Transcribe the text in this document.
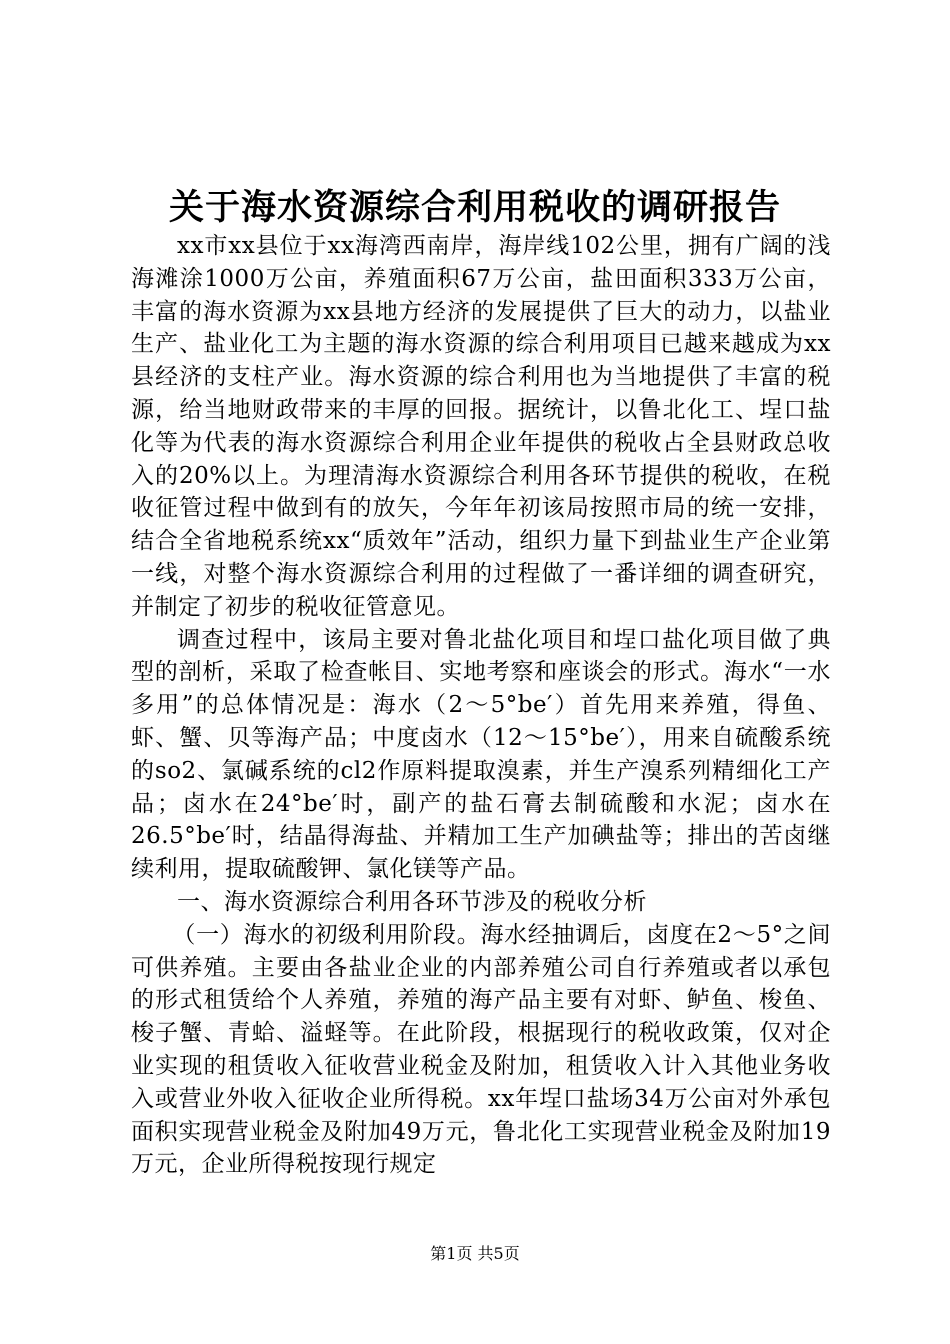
关于海水资源综合利用税收的调研报告

xx市xx县位于xx海湾西南岸，海岸线102公里，拥有广阔的浅海滩涂1000万公亩，养殖面积67万公亩，盐田面积333万公亩，丰富的海水资源为xx县地方经济的发展提供了巨大的动力，以盐业生产、盐业化工为主题的海水资源的综合利用项目已越来越成为xx县经济的支柱产业。海水资源的综合利用也为当地提供了丰富的税源，给当地财政带来的丰厚的回报。据统计，以鲁北化工、埕口盐化等为代表的海水资源综合利用企业年提供的税收占全县财政总收入的20%以上。为理清海水资源综合利用各环节提供的税收，在税收征管过程中做到有的放矢，今年年初该局按照市局的统一安排，结合全省地税系统xx“质效年”活动，组织力量下到盐业生产企业第一线，对整个海水资源综合利用的过程做了一番详细的调查研究，并制定了初步的税收征管意见。

调查过程中，该局主要对鲁北盐化项目和埕口盐化项目做了典型的剖析，采取了检查帐目、实地考察和座谈会的形式。海水“一水多用”的总体情况是：海水（2～5°be′）首先用来养殖，得鱼、虾、蟹、贝等海产品；中度卤水（12～15°be′），用来自硫酸系统的so2、氯碱系统的cl2作原料提取溴素，并生产溴系列精细化工产品；卤水在24°be′时，副产的盐石膏去制硫酸和水泥；卤水在26.5°be′时，结晶得海盐、并精加工生产加碘盐等；排出的苦卤继续利用，提取硫酸钾、氯化镁等产品。

一、海水资源综合利用各环节涉及的税收分析

（一）海水的初级利用阶段。海水经抽调后，卤度在2～5°之间可供养殖。主要由各盐业企业的内部养殖公司自行养殖或者以承包的形式租赁给个人养殖，养殖的海产品主要有对虾、鲈鱼、梭鱼、梭子蟹、青蛤、溢蛏等。在此阶段，根据现行的税收政策，仅对企业实现的租赁收入征收营业税金及附加，租赁收入计入其他业务收入或营业外收入征收企业所得税。xx年埕口盐场34万公亩对外承包面积实现营业税金及附加49万元，鲁北化工实现营业税金及附加19万元，企业所得税按现行规定

第1页 共5页
